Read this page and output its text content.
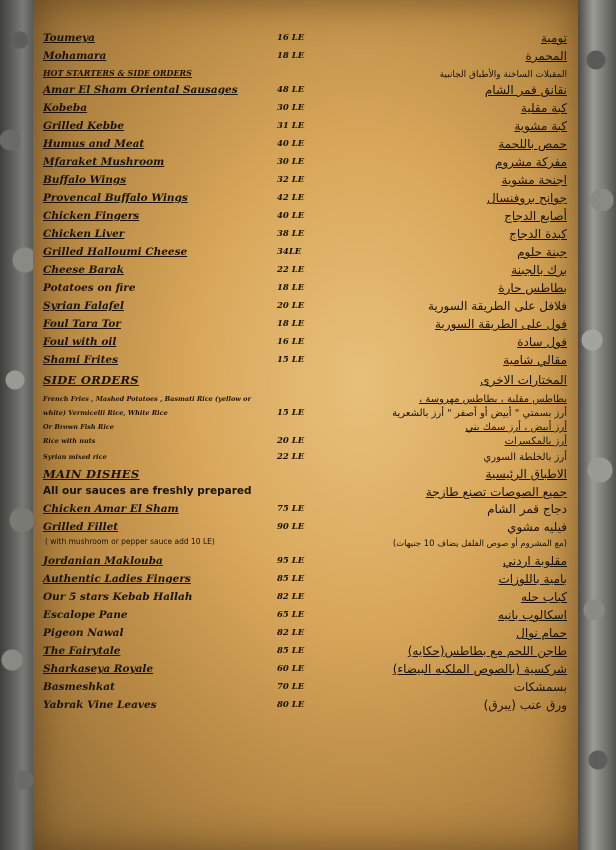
Toumeya	16 LE	تومية
Mohamara	18 LE	المحمرة
HOT STARTERS & SIDE ORDERS	المقبلات الساخنة والأطباق الجانبية
Amar El Sham Oriental Sausages	48 LE	نقانق قمر الشام
Kobeba	30 LE	كبة مقلية
Grilled Kebbe	31 LE	كبة مشوية
Humus and Meat	40 LE	حمص باللحمة
Mfaraket Mushroom	30 LE	مفركة مشروم
Buffalo Wings	32 LE	اجنحة مشوية
Provencal Buffalo Wings	42 LE	جوانح بروفنسال
Chicken Fingers	40 LE	أصابع الدجاج
Chicken Liver	38 LE	كبدة الدجاج
Grilled Halloumi Cheese	34LE	جبنة حلوم
Cheese Barak	22 LE	برك بالجبنة
Potatoes on fire	18 LE	بطاطس حارة
Syrian Falafel	20 LE	فلافل على الطريقة السورية
Foul Tara Tor	18 LE	فول على الطريقة السورية
Foul with oil	16 LE	فول سادة
Shami Frites	15 LE	مقالي شامية
SIDE ORDERS	المختارات الاخرى
French Fries , Mashed Potatoes , Basmati Rice (yellow or	بطاطس مقلية ، بطاطس مهروسة ،
white) Vermicelli Rice, White Rice	15 LE	أرز بسمتي " أبيض أو أصفر " أرز بالشعرية
Or Brown Fish Rice	أرز أبيض ، أرز سمك بني
Rice with nuts	20 LE	أرز بالمكسرات
Syrian mixed rice	22 LE	أرز بالخلطة السوري
MAIN DISHES	الاطباق الرئيسية
All our sauces are freshly prepared	جميع الصوصات تصنع طازجة
Chicken Amar El Sham	75 LE	دجاج قمر الشام
Grilled Fillet	90 LE	فيليه مشوي
( with mushroom or pepper sauce add 10 LE)	(مع المشروم أو صوص الفلفل يضاف 10 جنيهات)
Jordanian Maklouba	95 LE	مقلوبة اردني
Authentic Ladies Fingers	85 LE	بامية باللوزات
Our 5 stars Kebab Hallah	82 LE	كباب حله
Escalope Pane	65 LE	اسكالوب بانيه
Pigeon Nawal	82 LE	حمام نوال
The Fairytale	85 LE	طاجن اللحم مع بطاطس(حكايه)
Sharkaseya Royale	60 LE	شركسية (بالصوص الملكيه البيضاء)
Basmeshkat	70 LE	بسمشكات
Yabrak Vine Leaves	80 LE	ورق عنب (يبرق)
